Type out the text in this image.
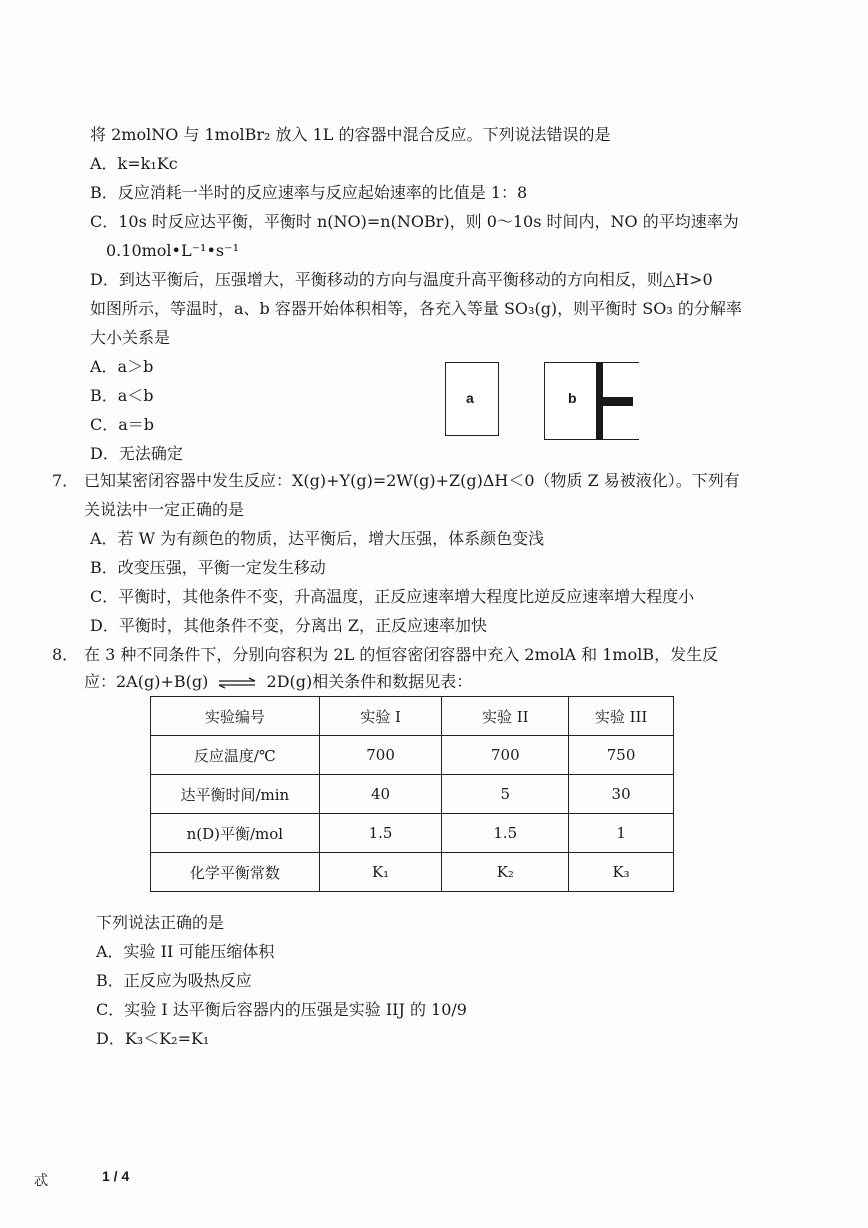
将 2molNO 与 1molBr₂ 放入 1L 的容器中混合反应。下列说法错误的是
A．k=k₁Kc
B．反应消耗一半时的反应速率与反应起始速率的比值是 1：8
C．10s 时反应达平衡，平衡时 n(NO)=n(NOBr)，则 0～10s 时间内，NO 的平均速率为
0.10mol•L⁻¹•s⁻¹
D．到达平衡后，压强增大，平衡移动的方向与温度升高平衡移动的方向相反，则△H>0
如图所示，等温时，a、b 容器开始体积相等，各充入等量 SO₃(g)，则平衡时 SO₃ 的分解率
大小关系是
A．a＞b
B．a＜b
C．a＝b
D．无法确定
a	b
7． 已知某密闭容器中发生反应：X(g)+Y(g)=2W(g)+Z(g)ΔH＜0（物质 Z 易被液化）。下列有
关说法中一定正确的是
A．若 W 为有颜色的物质，达平衡后，增大压强，体系颜色变浅
B．改变压强，平衡一定发生移动
C．平衡时，其他条件不变，升高温度，正反应速率增大程度比逆反应速率增大程度小
D．平衡时，其他条件不变，分离出 Z，正反应速率加快
8． 在 3 种不同条件下，分别向容积为 2L 的恒容密闭容器中充入 2molA 和 1molB，发生反
应：2A(g)+B(g) ⇌ 2D(g)相关条件和数据见表：
实验编号	实验 I	实验 II	实验 III
反应温度/℃	700	700	750
达平衡时间/min	40	5	30
n(D)平衡/mol	1.5	1.5	1
化学平衡常数	K₁	K₂	K₃
下列说法正确的是
A．实验 II 可能压缩体积
B．正反应为吸热反应
C．实验 I 达平衡后容器内的压强是实验 IIJ 的 10/9
D．K₃＜K₂=K₁
忒	1 / 4
